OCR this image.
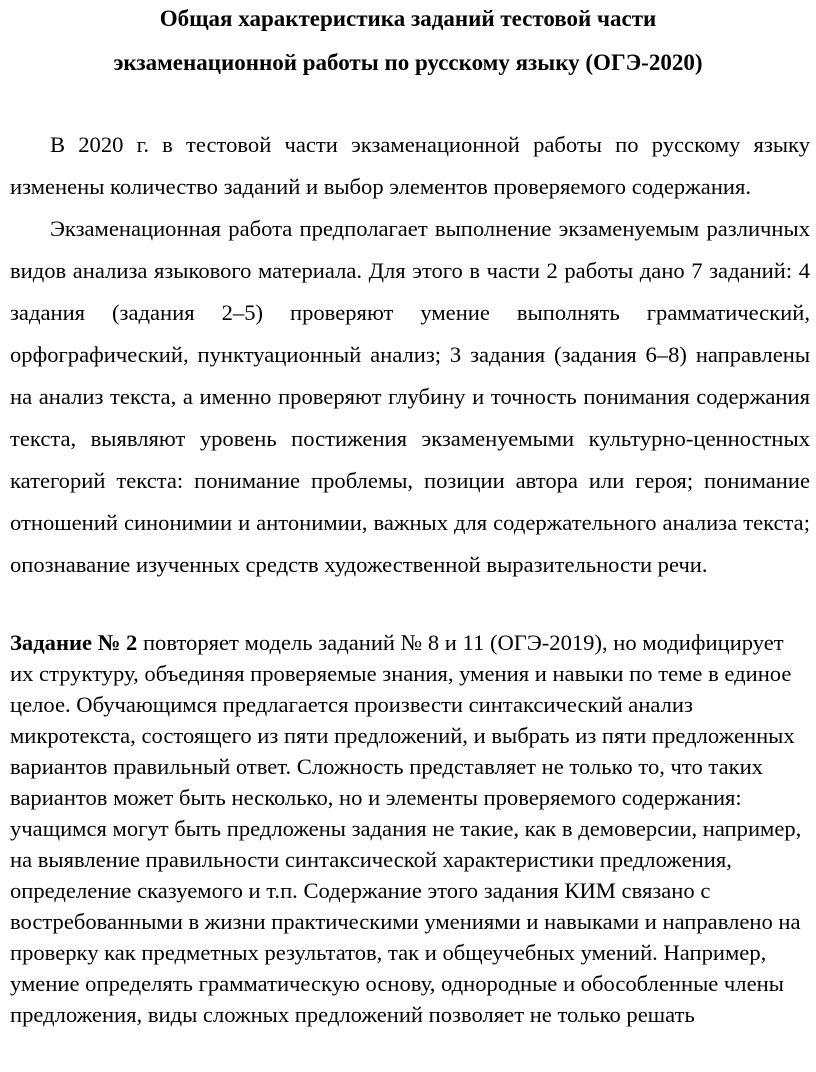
Общая характеристика заданий тестовой части
экзаменационной работы по русскому языку (ОГЭ-2020)

В 2020 г. в тестовой части экзаменационной работы по русскому языку изменены количество заданий и выбор элементов проверяемого содержания.

Экзаменационная работа предполагает выполнение экзаменуемым различных видов анализа языкового материала. Для этого в части 2 работы дано 7 заданий: 4 задания (задания 2–5) проверяют умение выполнять грамматический, орфографический, пунктуационный анализ; 3 задания (задания 6–8) направлены на анализ текста, а именно проверяют глубину и точность понимания содержания текста, выявляют уровень постижения экзаменуемыми культурно-ценностных категорий текста: понимание проблемы, позиции автора или героя; понимание отношений синонимии и антонимии, важных для содержательного анализа текста; опознавание изученных средств художественной выразительности речи.

Задание № 2 повторяет модель заданий № 8 и 11 (ОГЭ-2019), но модифицирует их структуру, объединяя проверяемые знания, умения и навыки по теме в единое целое. Обучающимся предлагается произвести синтаксический анализ микротекста, состоящего из пяти предложений, и выбрать из пяти предложенных вариантов правильный ответ. Сложность представляет не только то, что таких вариантов может быть несколько, но и элементы проверяемого содержания: учащимся могут быть предложены задания не такие, как в демоверсии, например, на выявление правильности синтаксической характеристики предложения, определение сказуемого и т.п. Содержание этого задания КИМ связано с востребованными в жизни практическими умениями и навыками и направлено на проверку как предметных результатов, так и общеучебных умений. Например, умение определять грамматическую основу, однородные и обособленные члены предложения, виды сложных предложений позволяет не только решать
